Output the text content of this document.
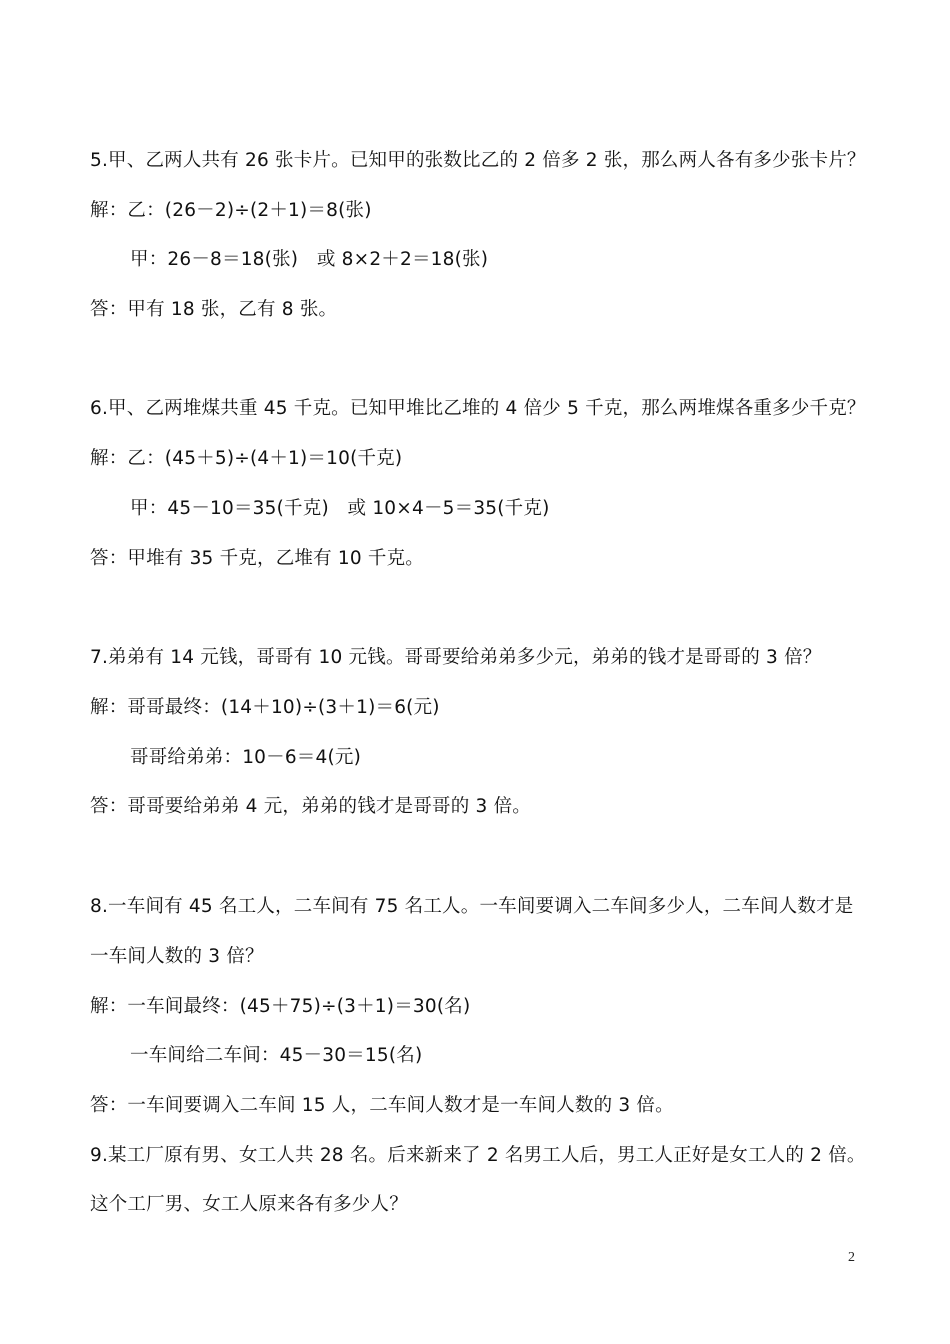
5.甲、乙两人共有 26 张卡片。已知甲的张数比乙的 2 倍多 2 张，那么两人各有多少张卡片？
解：乙：(26－2)÷(2＋1)＝8(张)
甲：26－8＝18(张)　或 8×2＋2＝18(张)
答：甲有 18 张，乙有 8 张。
6.甲、乙两堆煤共重 45 千克。已知甲堆比乙堆的 4 倍少 5 千克，那么两堆煤各重多少千克？
解：乙：(45＋5)÷(4＋1)＝10(千克)
甲：45－10＝35(千克)　或 10×4－5＝35(千克)
答：甲堆有 35 千克，乙堆有 10 千克。
7.弟弟有 14 元钱，哥哥有 10 元钱。哥哥要给弟弟多少元，弟弟的钱才是哥哥的 3 倍？
解：哥哥最终：(14＋10)÷(3＋1)＝6(元)
哥哥给弟弟：10－6＝4(元)
答：哥哥要给弟弟 4 元，弟弟的钱才是哥哥的 3 倍。
8.一车间有 45 名工人，二车间有 75 名工人。一车间要调入二车间多少人，二车间人数才是
一车间人数的 3 倍？
解：一车间最终：(45＋75)÷(3＋1)＝30(名)
一车间给二车间：45－30＝15(名)
答：一车间要调入二车间 15 人，二车间人数才是一车间人数的 3 倍。
9.某工厂原有男、女工人共 28 名。后来新来了 2 名男工人后，男工人正好是女工人的 2 倍。
这个工厂男、女工人原来各有多少人？
2
